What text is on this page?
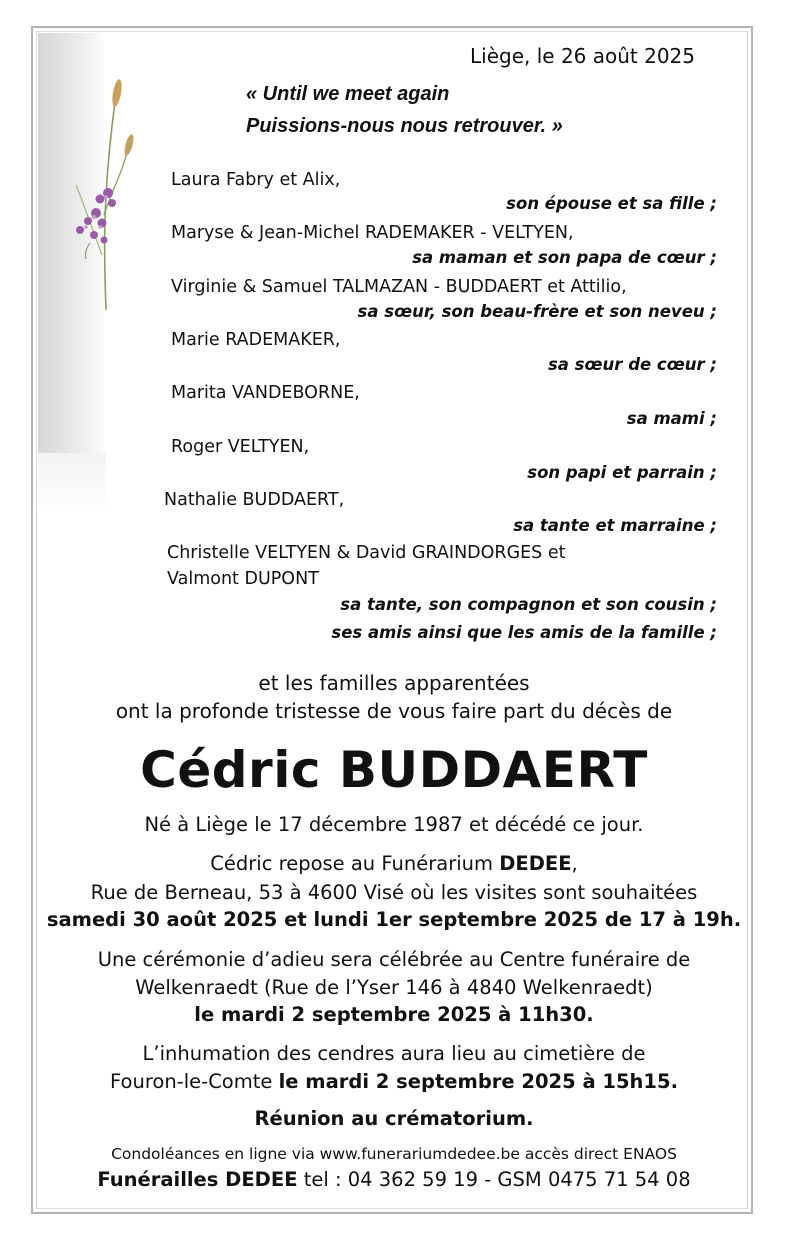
Liège, le 26 août 2025

« Until we meet again

Puissions-nous nous retrouver. »

Laura Fabry et Alix,

son épouse et sa fille ;

Maryse & Jean-Michel RADEMAKER - VELTYEN,

sa maman et son papa de cœur ;

Virginie & Samuel TALMAZAN - BUDDAERT et Attilio,

sa sœur, son beau-frère et son neveu ;

Marie RADEMAKER,

sa sœur de cœur ;

Marita VANDEBORNE,

sa mami ;

Roger VELTYEN,

son papi et parrain ;

Nathalie BUDDAERT,

sa tante et marraine ;

Christelle VELTYEN & David GRAINDORGES et

Valmont DUPONT

sa tante, son compagnon et son cousin ;

ses amis ainsi que les amis de la famille ;

et les familles apparentées

ont la profonde tristesse de vous faire part du décès de

Cédric BUDDAERT

Né à Liège le 17 décembre 1987 et décédé ce jour.

Cédric repose au Funérarium DEDEE,

Rue de Berneau, 53 à 4600 Visé où les visites sont souhaitées

samedi 30 août 2025 et lundi 1er septembre 2025 de 17 à 19h.

Une cérémonie d’adieu sera célébrée au Centre funéraire de

Welkenraedt (Rue de l’Yser 146 à 4840 Welkenraedt)

le mardi 2 septembre 2025 à 11h30.

L’inhumation des cendres aura lieu au cimetière de

Fouron-le-Comte le mardi 2 septembre 2025 à 15h15.

Réunion au crématorium.

Condoléances en ligne via www.funerariumdedee.be accès direct ENAOS

Funérailles DEDEE tel : 04 362 59 19 - GSM 0475 71 54 08
